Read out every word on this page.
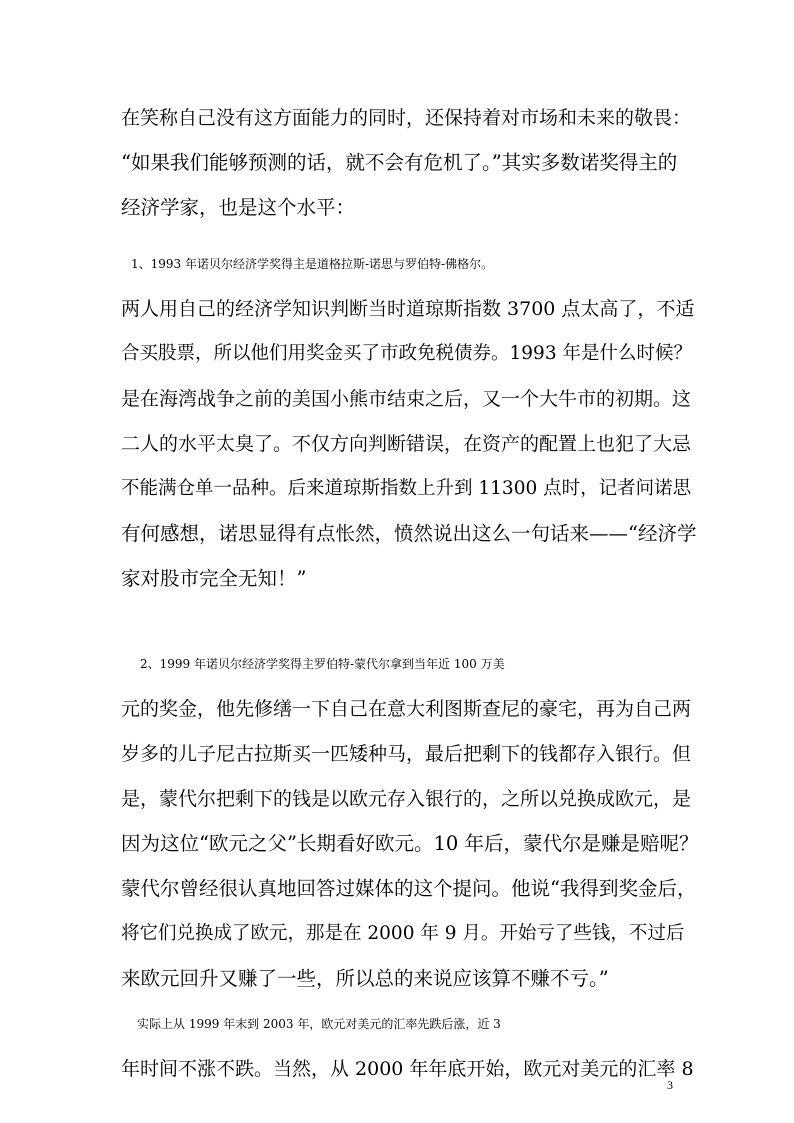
在笑称自己没有这方面能力的同时，还保持着对市场和未来的敬畏：
“如果我们能够预测的话，就不会有危机了。”其实多数诺奖得主的
经济学家，也是这个水平：
1、1993 年诺贝尔经济学奖得主是道格拉斯-诺思与罗伯特-佛格尔。
两人用自己的经济学知识判断当时道琼斯指数 3700 点太高了，不适
合买股票，所以他们用奖金买了市政免税债券。1993 年是什么时候？
是在海湾战争之前的美国小熊市结束之后，又一个大牛市的初期。这
二人的水平太臭了。不仅方向判断错误，在资产的配置上也犯了大忌
不能满仓单一品种。后来道琼斯指数上升到 11300 点时，记者问诺思
有何感想，诺思显得有点怅然，愤然说出这么一句话来——“经济学
家对股市完全无知！”
2、1999 年诺贝尔经济学奖得主罗伯特-蒙代尔拿到当年近 100 万美
元的奖金，他先修缮一下自己在意大利图斯查尼的豪宅，再为自己两
岁多的儿子尼古拉斯买一匹矮种马，最后把剩下的钱都存入银行。但
是，蒙代尔把剩下的钱是以欧元存入银行的，之所以兑换成欧元，是
因为这位“欧元之父”长期看好欧元。10 年后，蒙代尔是赚是赔呢？
蒙代尔曾经很认真地回答过媒体的这个提问。他说“我得到奖金后，
将它们兑换成了欧元，那是在 2000 年 9 月。开始亏了些钱，不过后
来欧元回升又赚了一些，所以总的来说应该算不赚不亏。”
实际上从 1999 年末到 2003 年，欧元对美元的汇率先跌后涨，近 3
年时间不涨不跌。当然，从 2000 年年底开始，欧元对美元的汇率 8
3
